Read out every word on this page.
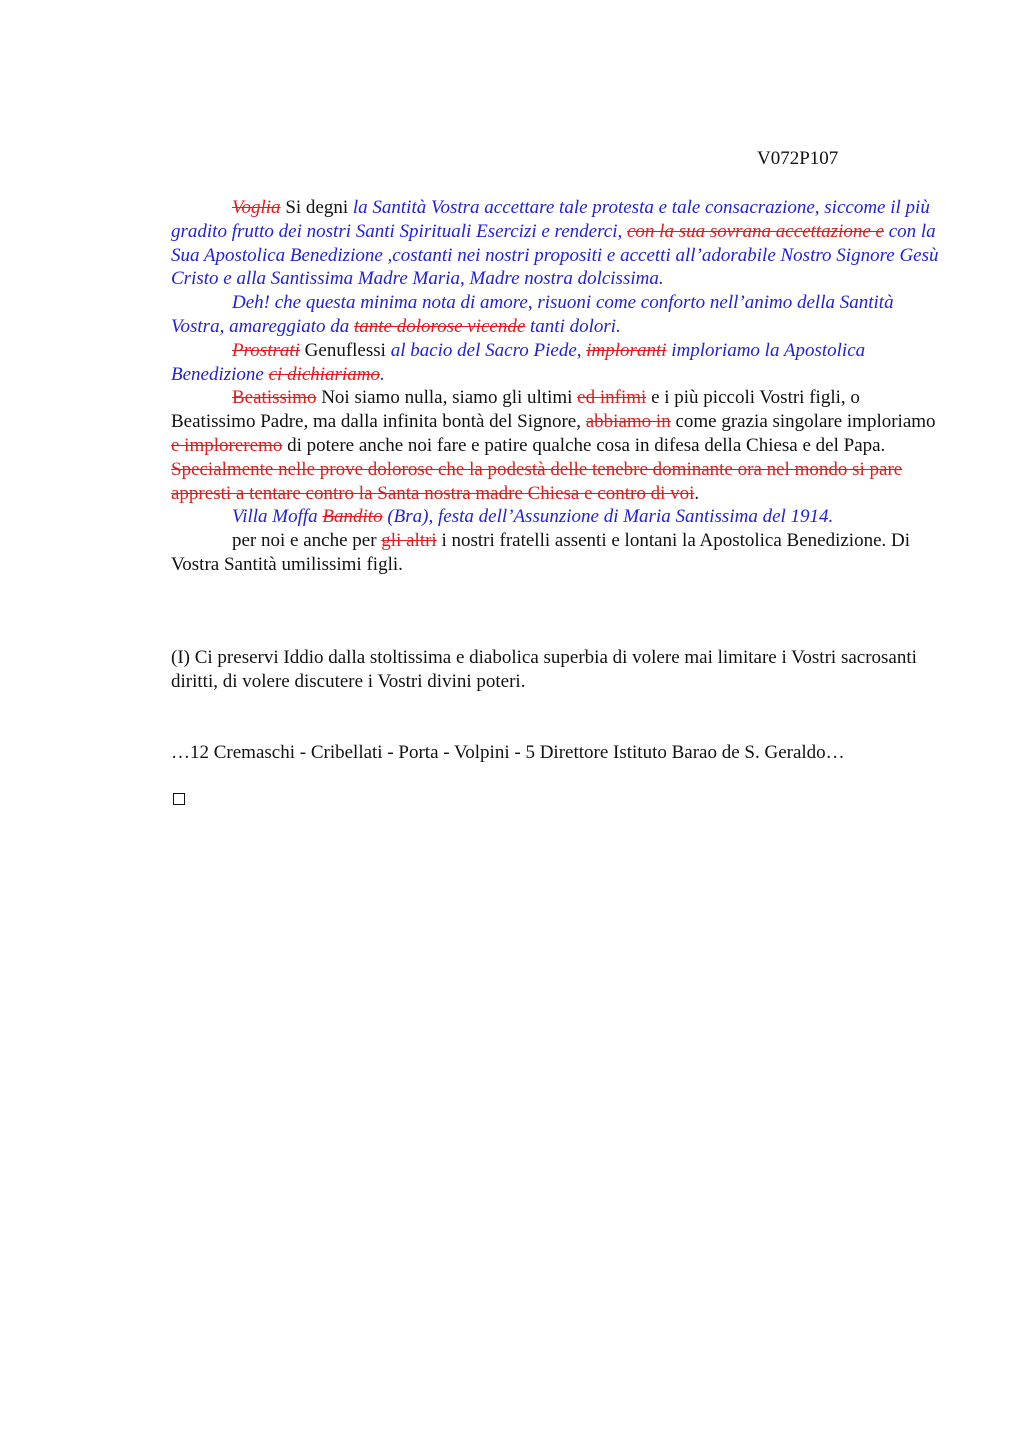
V072P107

Voglia Si degni la Santità Vostra accettare tale protesta e tale consacrazione, siccome il più gradito frutto dei nostri Santi Spirituali Esercizi e renderci, con la sua sovrana accettazione e con la Sua Apostolica Benedizione ,costanti nei nostri propositi e accetti all’adorabile Nostro Signore Gesù Cristo e alla Santissima Madre Maria, Madre nostra dolcissima.

Deh! che questa minima nota di amore, risuoni come conforto nell’animo della Santità Vostra, amareggiato da tante dolorose vicende tanti dolori.

Prostrati Genuflessi al bacio del Sacro Piede, imploranti imploriamo la Apostolica Benedizione ci dichiariamo.

Beatissimo Noi siamo nulla, siamo gli ultimi ed infimi e i più piccoli Vostri figli, o Beatissimo Padre, ma dalla infinita bontà del Signore, abbiamo in come grazia singolare imploriamo e imploreremo di potere anche noi fare e patire qualche cosa in difesa della Chiesa e del Papa. Specialmente nelle prove dolorose che la podestà delle tenebre dominante ora nel mondo si pare appresti a tentare contro la Santa nostra madre Chiesa e contro di voi.

Villa Moffa Bandito (Bra), festa dell’Assunzione di Maria Santissima del 1914.

per noi e anche per gli altri i nostri fratelli assenti e lontani la Apostolica Benedizione. Di Vostra Santità umilissimi figli.

(I) Ci preservi Iddio dalla stoltissima e diabolica superbia di volere mai limitare i Vostri sacrosanti diritti, di volere discutere i Vostri divini poteri.
…12 Cremaschi - Cribellati - Porta - Volpini - 5 Direttore Istituto Barao de S. Geraldo…
